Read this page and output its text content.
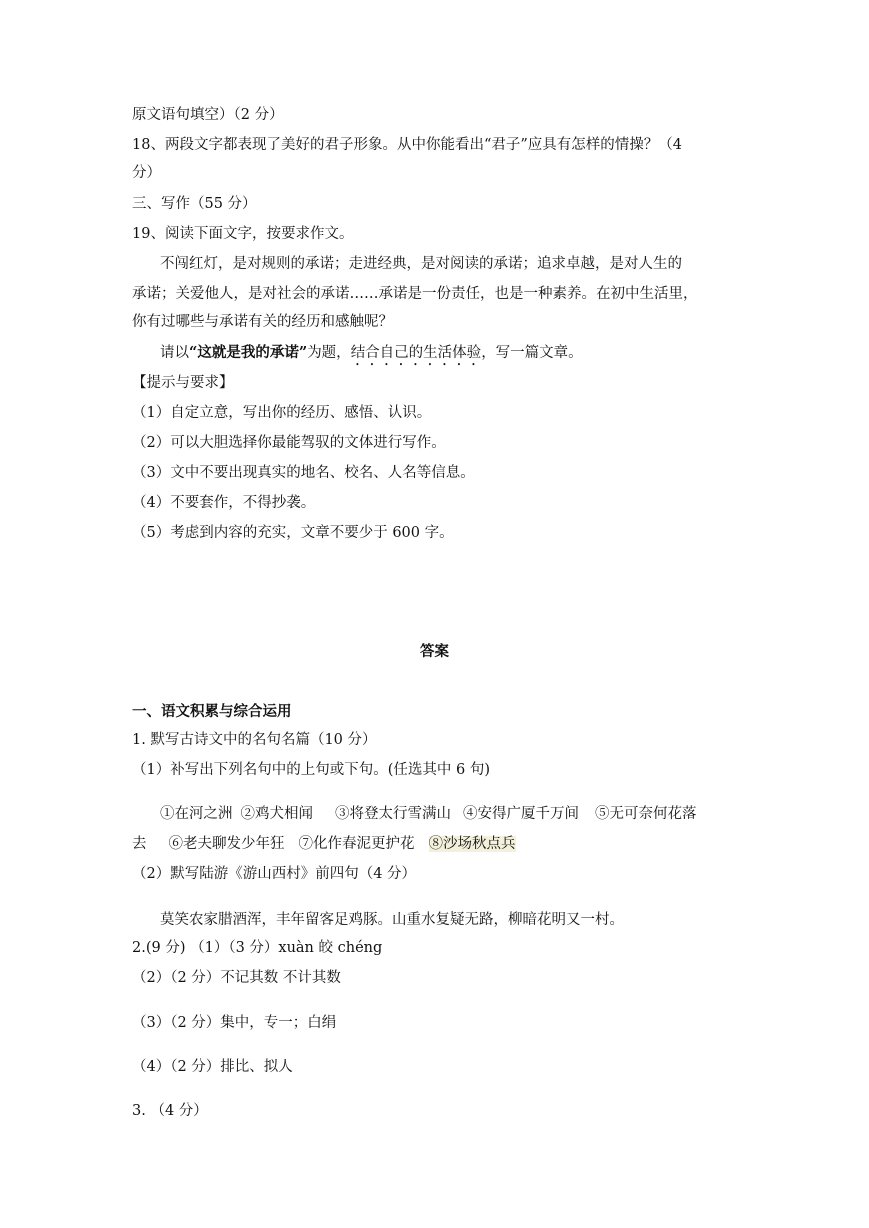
原文语句填空）（2 分）
18、两段文字都表现了美好的君子形象。从中你能看出“君子”应具有怎样的情操？（4
分）
三、写作（55 分）
19、阅读下面文字，按要求作文。
不闯红灯，是对规则的承诺；走进经典，是对阅读的承诺；追求卓越，是对人生的
承诺；关爱他人，是对社会的承诺……承诺是一份责任，也是一种素养。在初中生活里，
你有过哪些与承诺有关的经历和感触呢？
请以“这就是我的承诺”为题，结合自己的生活体验，写一篇文章。
【提示与要求】
（1）自定立意，写出你的经历、感悟、认识。
（2）可以大胆选择你最能驾驭的文体进行写作。
（3）文中不要出现真实的地名、校名、人名等信息。
（4）不要套作，不得抄袭。
（5）考虑到内容的充实，文章不要少于 600 字。
答案
一、语文积累与综合运用
1. 默写古诗文中的名句名篇（10 分）
（1）补写出下列名句中的上句或下句。(任选其中 6 句)
①在河之洲 ②鸡犬相闻 ③将登太行雪满山 ④安得广厦千万间 ⑤无可奈何花落
去 ⑥老夫聊发少年狂 ⑦化作春泥更护花 ⑧沙场秋点兵
（2）默写陆游《游山西村》前四句（4 分）
莫笑农家腊酒浑，丰年留客足鸡豚。山重水复疑无路，柳暗花明又一村。
2.(9 分) （1）（3 分）xuàn 皎 chéng
（2）（2 分）不记其数 不计其数
（3）（2 分）集中，专一；白绢
（4）（2 分）排比、拟人
3. （4 分）
